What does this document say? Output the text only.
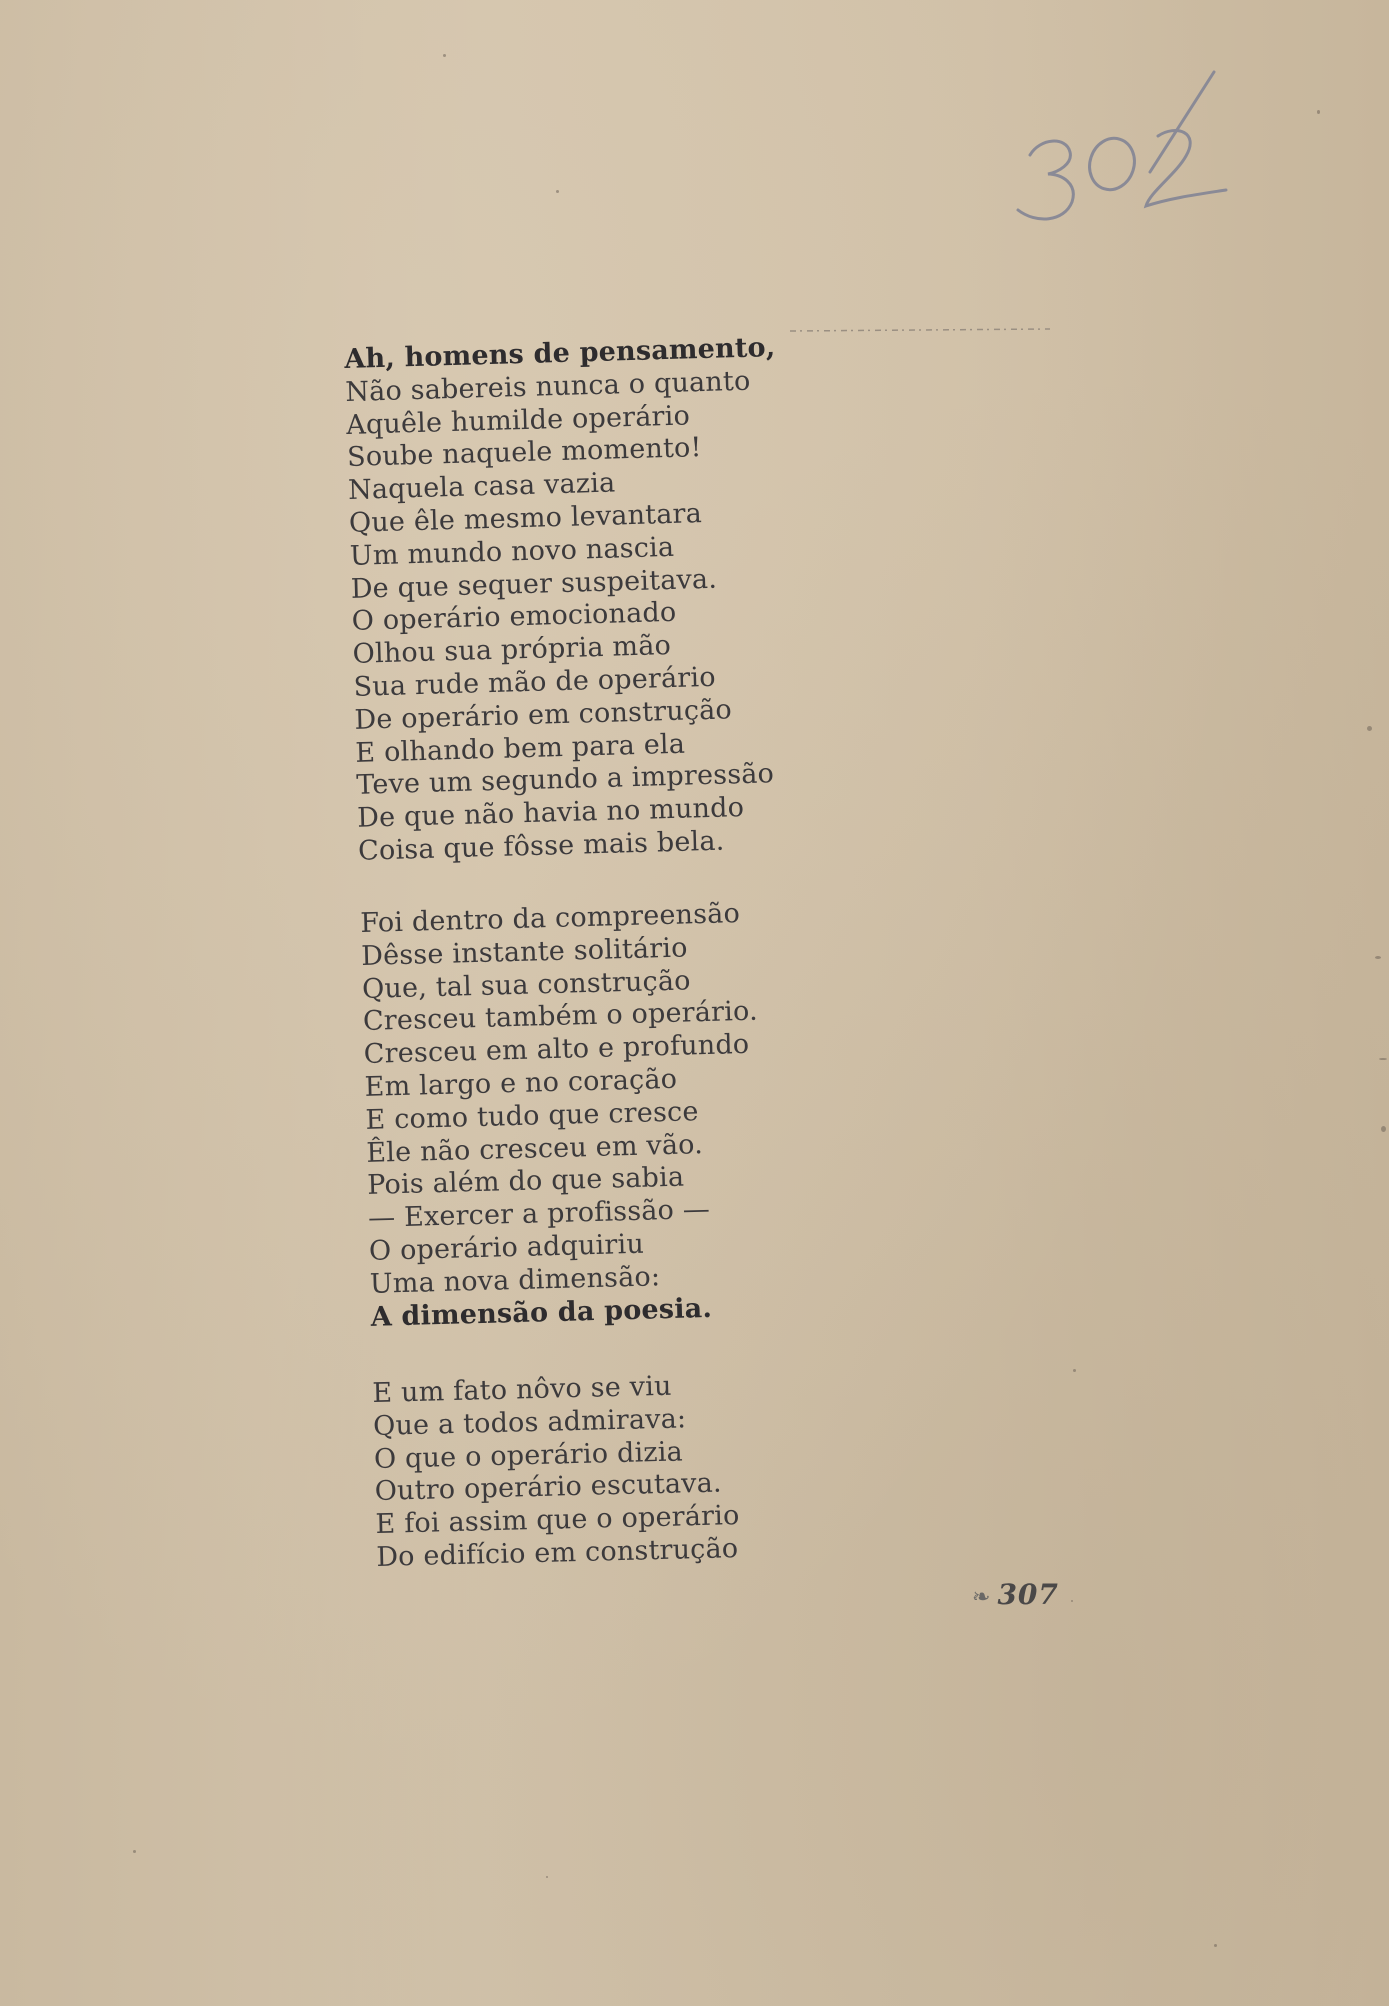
Ah, homens de pensamento,
Não sabereis nunca o quanto
Aquêle humilde operário
Soube naquele momento!
Naquela casa vazia
Que êle mesmo levantara
Um mundo novo nascia
De que sequer suspeitava.
O operário emocionado
Olhou sua própria mão
Sua rude mão de operário
De operário em construção
E olhando bem para ela
Teve um segundo a impressão
De que não havia no mundo
Coisa que fôsse mais bela.
Foi dentro da compreensão
Dêsse instante solitário
Que, tal sua construção
Cresceu também o operário.
Cresceu em alto e profundo
Em largo e no coração
E como tudo que cresce
Êle não cresceu em vão.
Pois além do que sabia
— Exercer a profissão —
O operário adquiriu
Uma nova dimensão:
A dimensão da poesia.
E um fato nôvo se viu
Que a todos admirava:
O que o operário dizia
Outro operário escutava.
E foi assim que o operário
Do edifício em construção
❧ 307
